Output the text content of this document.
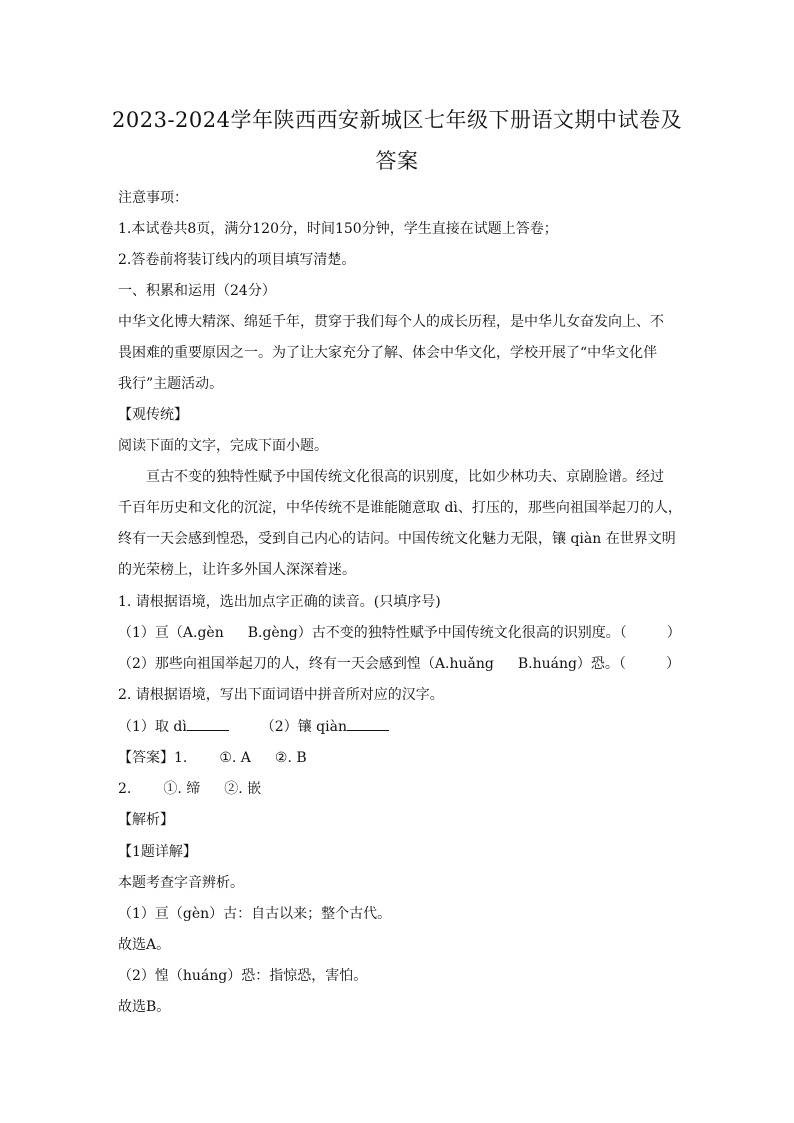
2023-2024学年陕西西安新城区七年级下册语文期中试卷及
答案
注意事项：
1.本试卷共8页，满分120分，时间150分钟，学生直接在试题上答卷；
2.答卷前将装订线内的项目填写清楚。
一、积累和运用（24分）
中华文化博大精深、绵延千年，贯穿于我们每个人的成长历程，是中华儿女奋发向上、不
畏困难的重要原因之一。为了让大家充分了解、体会中华文化，学校开展了“中华文化伴
我行”主题活动。
【观传统】
阅读下面的文字，完成下面小题。
亘古不变的独特性赋予中国传统文化很高的识别度，比如少林功夫、京剧脸谱。经过
千百年历史和文化的沉淀，中华传统不是谁能随意取 dì、打压的，那些向祖国举起刀的人，
终有一天会感到惶恐，受到自己内心的诘问。中国传统文化魅力无限，镶 qiàn 在世界文明
的光荣榜上，让许多外国人深深着迷。
1. 请根据语境，选出加点字正确的读音。(只填序号)
（1）亘（A.gèn B.gèng）古不变的独特性赋予中国传统文化很高的识别度。（	）
（2）那些向祖国举起刀的人，终有一天会感到惶（A.huǎng B.huáng）恐。（	）
2. 请根据语境，写出下面词语中拼音所对应的汉字。
（1）取 dì	（2）镶 qiàn
【答案】1. ①. A ②. B
2. ①. 缔 ②. 嵌
【解析】
【1题详解】
本题考查字音辨析。
（1）亘（gèn）古：自古以来；整个古代。
故选A。
（2）惶（huáng）恐：指惊恐，害怕。
故选B。
